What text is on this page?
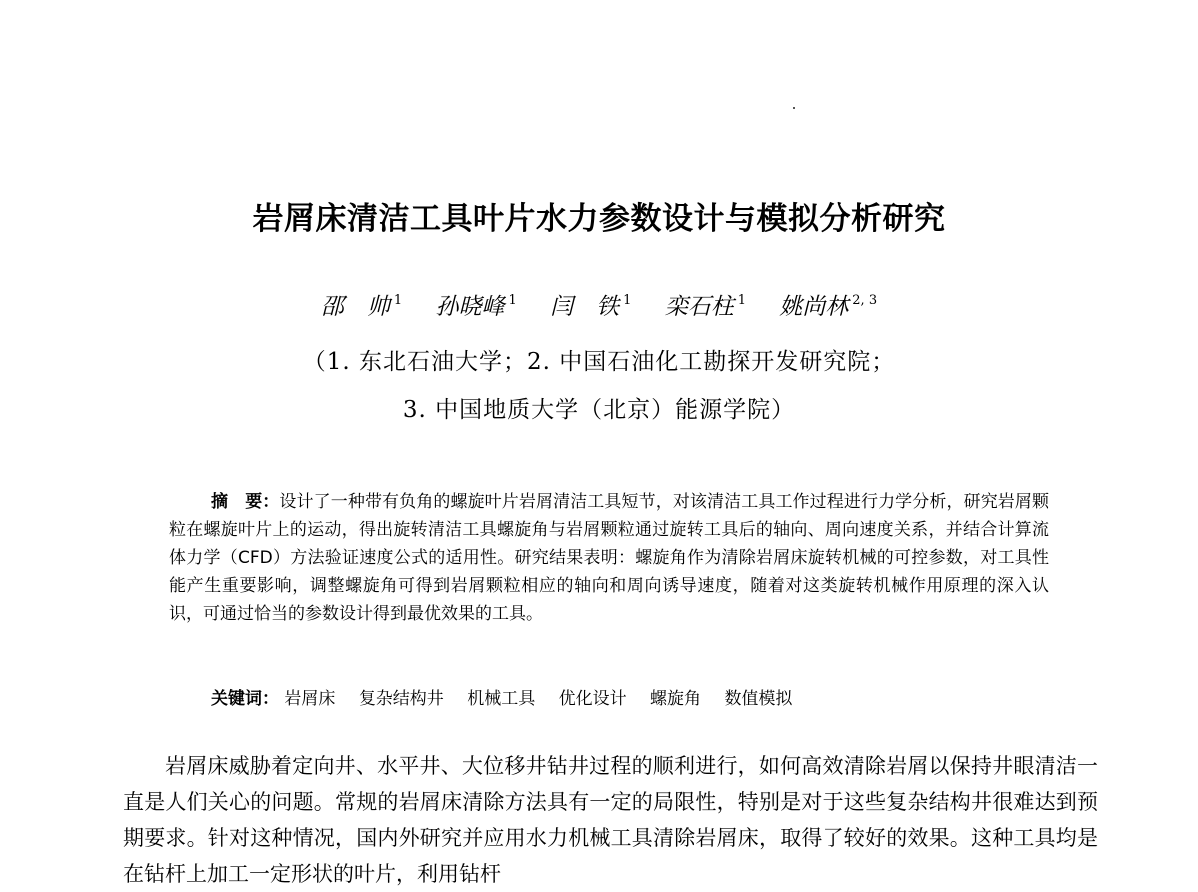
岩屑床清洁工具叶片水力参数设计与模拟分析研究
邵　帅 $^1$ 孙晓峰 $^1$ 闫　铁 $^1$ 栾石柱 $^1$ 姚尚林 $^{2, 3}$
（1. 东北石油大学；2. 中国石油化工勘探开发研究院；
3. 中国地质大学（北京）能源学院）
摘　要：设计了一种带有负角的螺旋叶片岩屑清洁工具短节，对该清洁工具工作过程进行力学分析，研究岩屑颗粒在螺旋叶片上的运动，得出旋转清洁工具螺旋角与岩屑颗粒通过旋转工具后的轴向、周向速度关系，并结合计算流体力学（CFD）方法验证速度公式的适用性。研究结果表明：螺旋角作为清除岩屑床旋转机械的可控参数，对工具性能产生重要影响，调整螺旋角可得到岩屑颗粒相应的轴向和周向诱导速度，随着对这类旋转机械作用原理的深入认识，可通过恰当的参数设计得到最优效果的工具。
关键词： 岩屑床 复杂结构井 机械工具 优化设计 螺旋角 数值模拟

岩屑床威胁着定向井、水平井、大位移井钻井过程的顺利进行，如何高效清除岩屑以保持井眼清洁一直是人们关心的问题。常规的岩屑床清除方法具有一定的局限性，特别是对于这些复杂结构井很难达到预期要求。针对这种情况，国内外研究并应用水力机械工具清除岩屑床，取得了较好的效果。这种工具均是在钻杆上加工一定形状的叶片，利用钻杆
